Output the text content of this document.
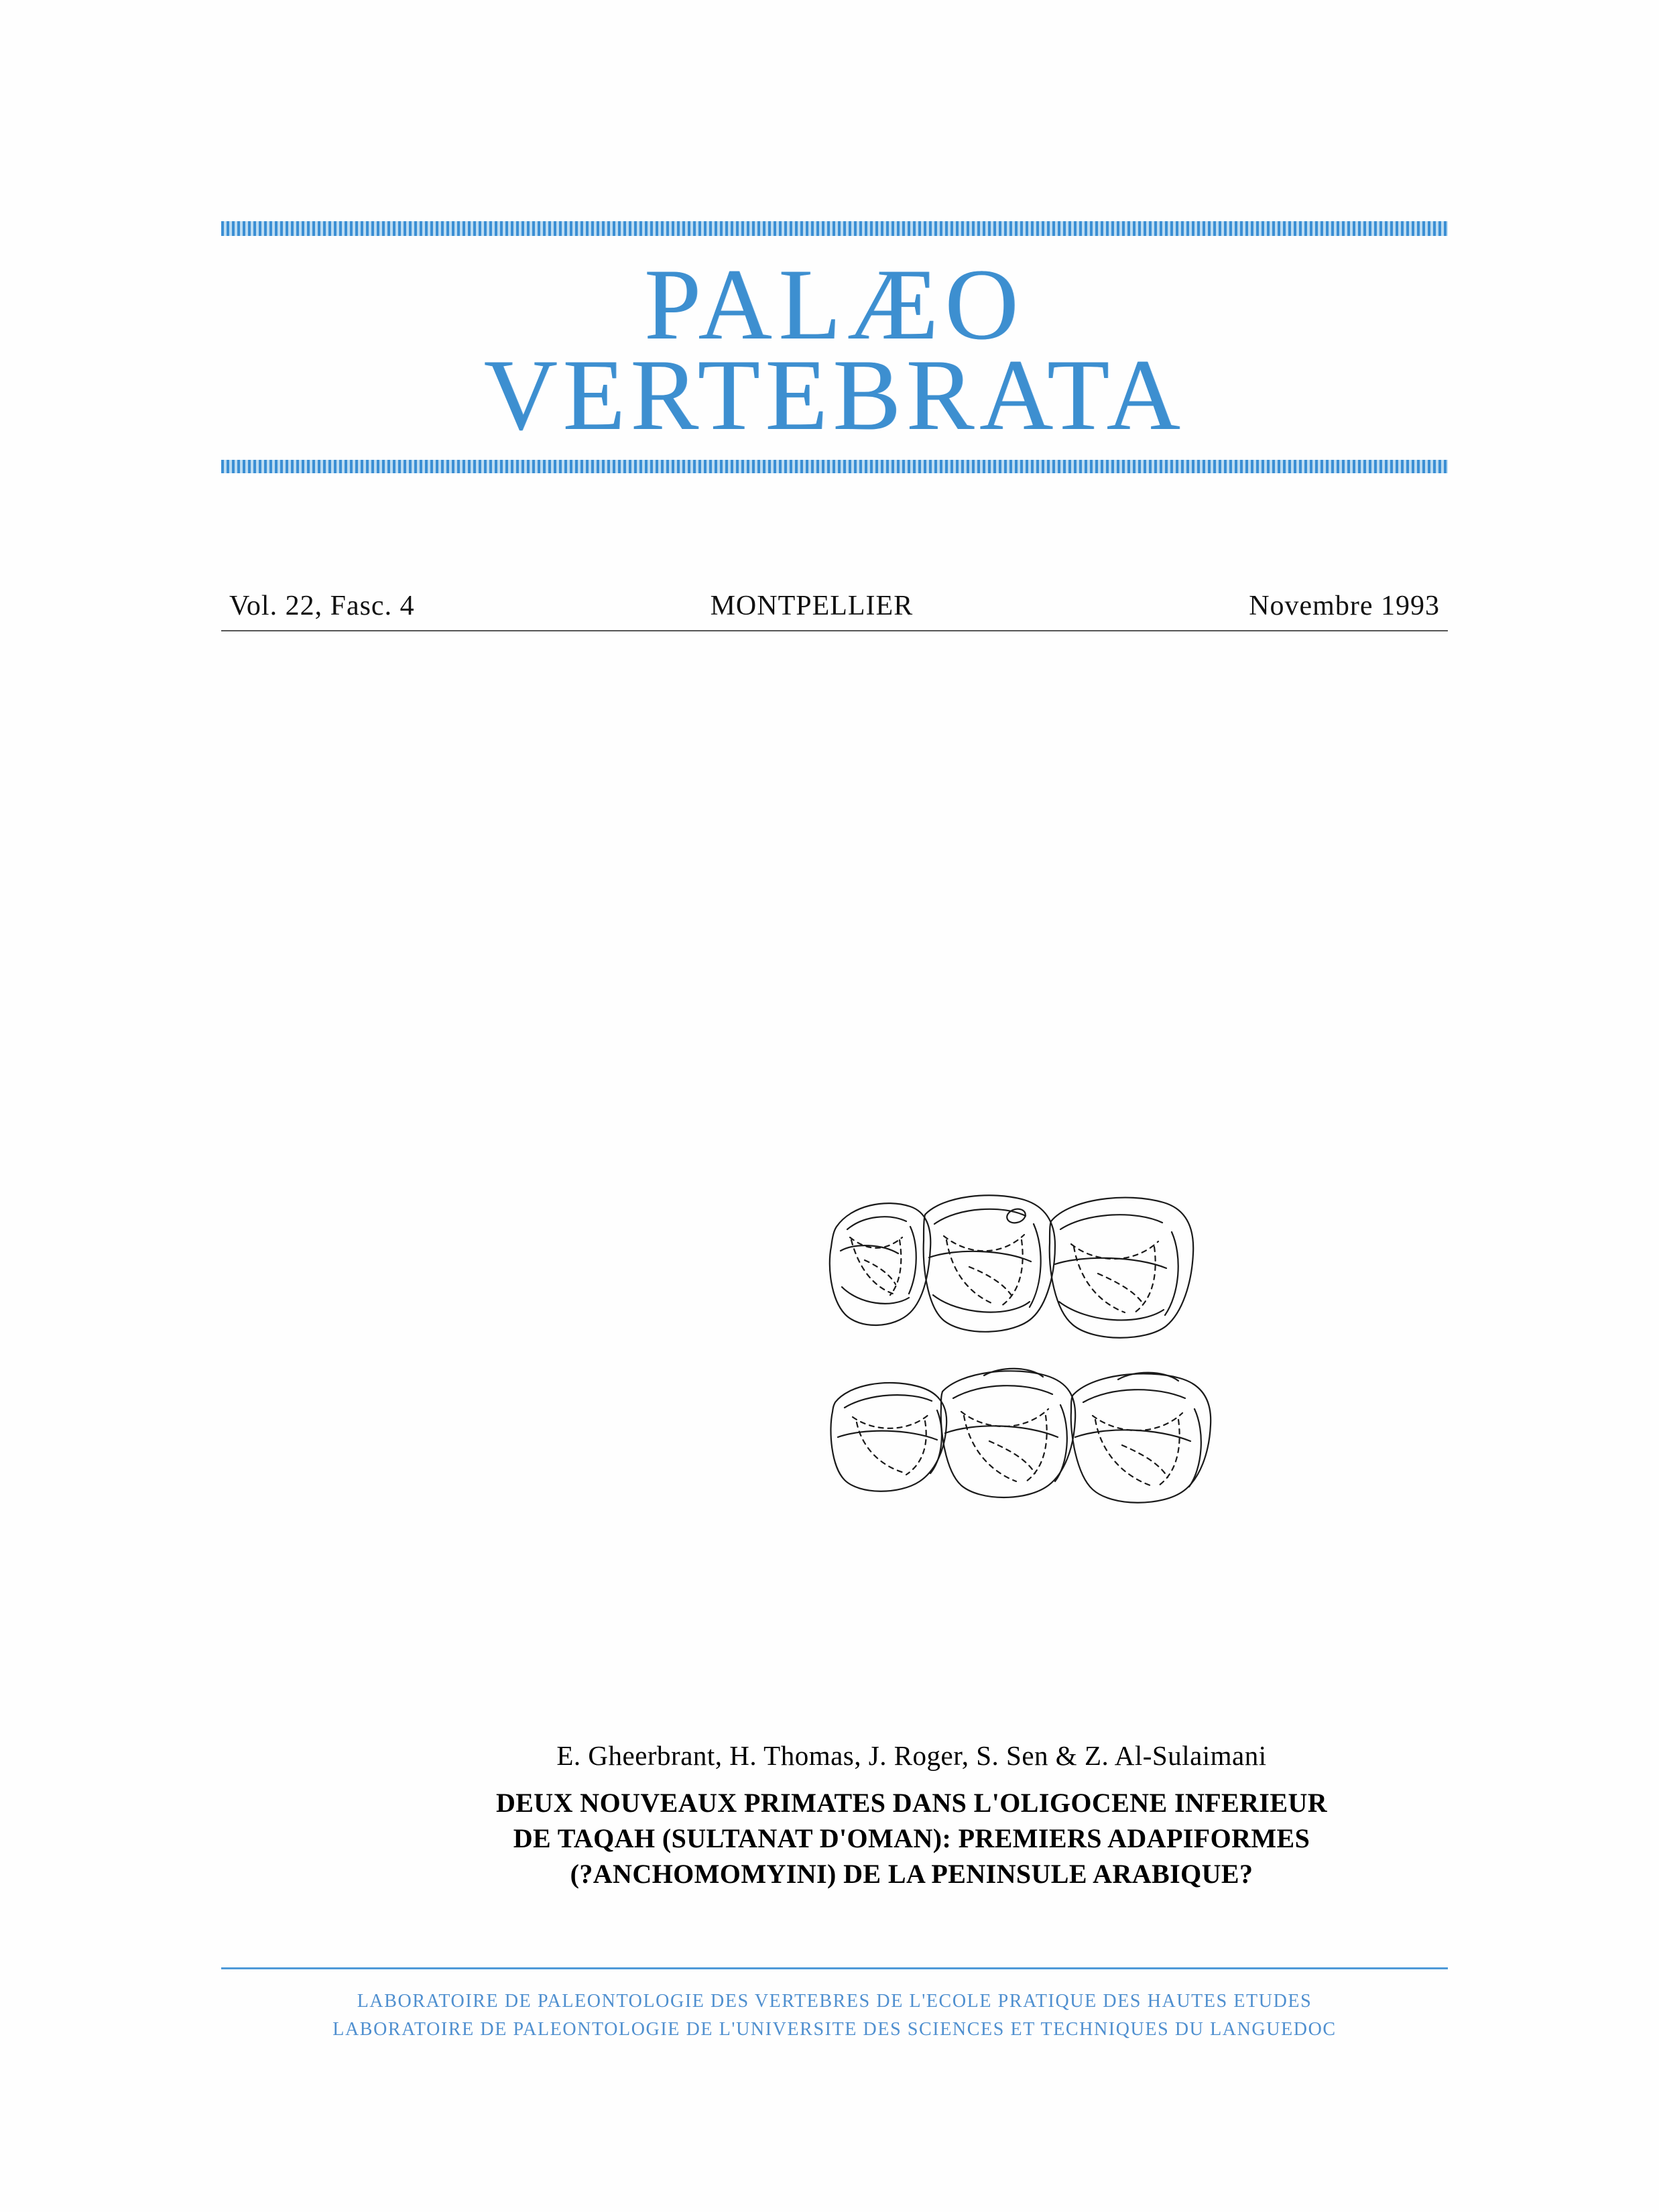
PALÆO
VERTEBRATA
Vol. 22, Fasc. 4	MONTPELLIER	Novembre 1993
E. Gheerbrant, H. Thomas, J. Roger, S. Sen & Z. Al-Sulaimani
DEUX NOUVEAUX PRIMATES DANS L'OLIGOCENE INFERIEUR
DE TAQAH (SULTANAT D'OMAN): PREMIERS ADAPIFORMES
(?ANCHOMOMYINI) DE LA PENINSULE ARABIQUE?
LABORATOIRE DE PALEONTOLOGIE DES VERTEBRES DE L'ECOLE PRATIQUE DES HAUTES ETUDES
LABORATOIRE DE PALEONTOLOGIE DE L'UNIVERSITE DES SCIENCES ET TECHNIQUES DU LANGUEDOC
